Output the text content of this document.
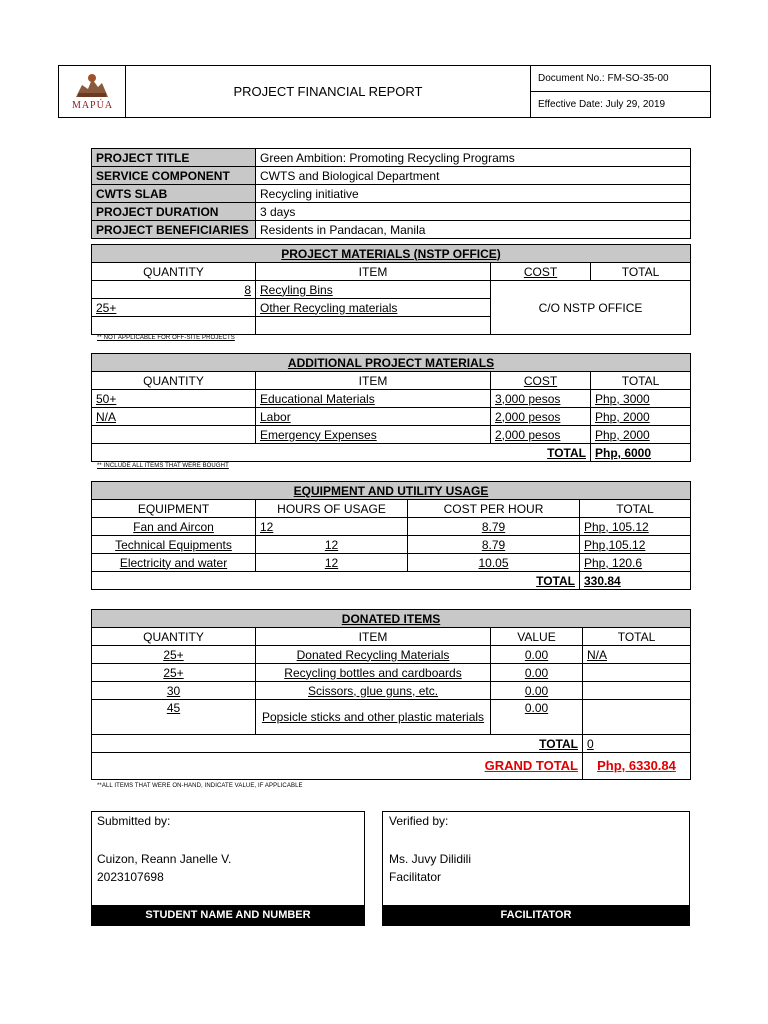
MAPÚA
PROJECT FINANCIAL REPORT
Document No.: FM-SO-35-00
Effective Date: July 29, 2019
PROJECT TITLE	Green Ambition: Promoting Recycling Programs
SERVICE COMPONENT	CWTS and Biological Department
CWTS SLAB	Recycling initiative
PROJECT DURATION	3 days
PROJECT BENEFICIARIES	Residents in Pandacan, Manila
PROJECT MATERIALS (NSTP OFFICE)			
QUANTITY	ITEM	COST	TOTAL
8	Recyling Bins	C/O NSTP OFFICE	
25+	Other Recycling materials		

** NOT APPLICABLE FOR OFF-SITE PROJECTS
ADDITIONAL PROJECT MATERIALS			
QUANTITY	ITEM	COST	TOTAL
50+	Educational Materials	3,000 pesos	Php, 3000
N/A	Labor	2,000 pesos	Php, 2000
	Emergency Expenses	2,000 pesos	Php, 2000
TOTAL			Php, 6000
** INCLUDE ALL ITEMS THAT WERE BOUGHT
EQUIPMENT AND UTILITY USAGE			
EQUIPMENT	HOURS OF USAGE	COST PER HOUR	TOTAL
Fan and Aircon	12	8.79	Php, 105.12
Technical Equipments	12	8.79	Php,105.12
Electricity and water	12	10.05	Php, 120.6
TOTAL			330.84
DONATED ITEMS			
QUANTITY	ITEM	VALUE	TOTAL
25+	Donated Recycling Materials	0.00	N/A
25+	Recycling bottles and cardboards	0.00	
30	Scissors, glue guns, etc.	0.00	
45	Popsicle sticks and other plastic materials	0.00	
TOTAL			0
GRAND TOTAL			Php, 6330.84
**ALL ITEMS THAT WERE ON-HAND, INDICATE VALUE, IF APPLICABLE
Submitted by:
Cuizon, Reann Janelle V.
2023107698
STUDENT NAME AND NUMBER
Verified by:
Ms. Juvy Dilidili
Facilitator
FACILITATOR
